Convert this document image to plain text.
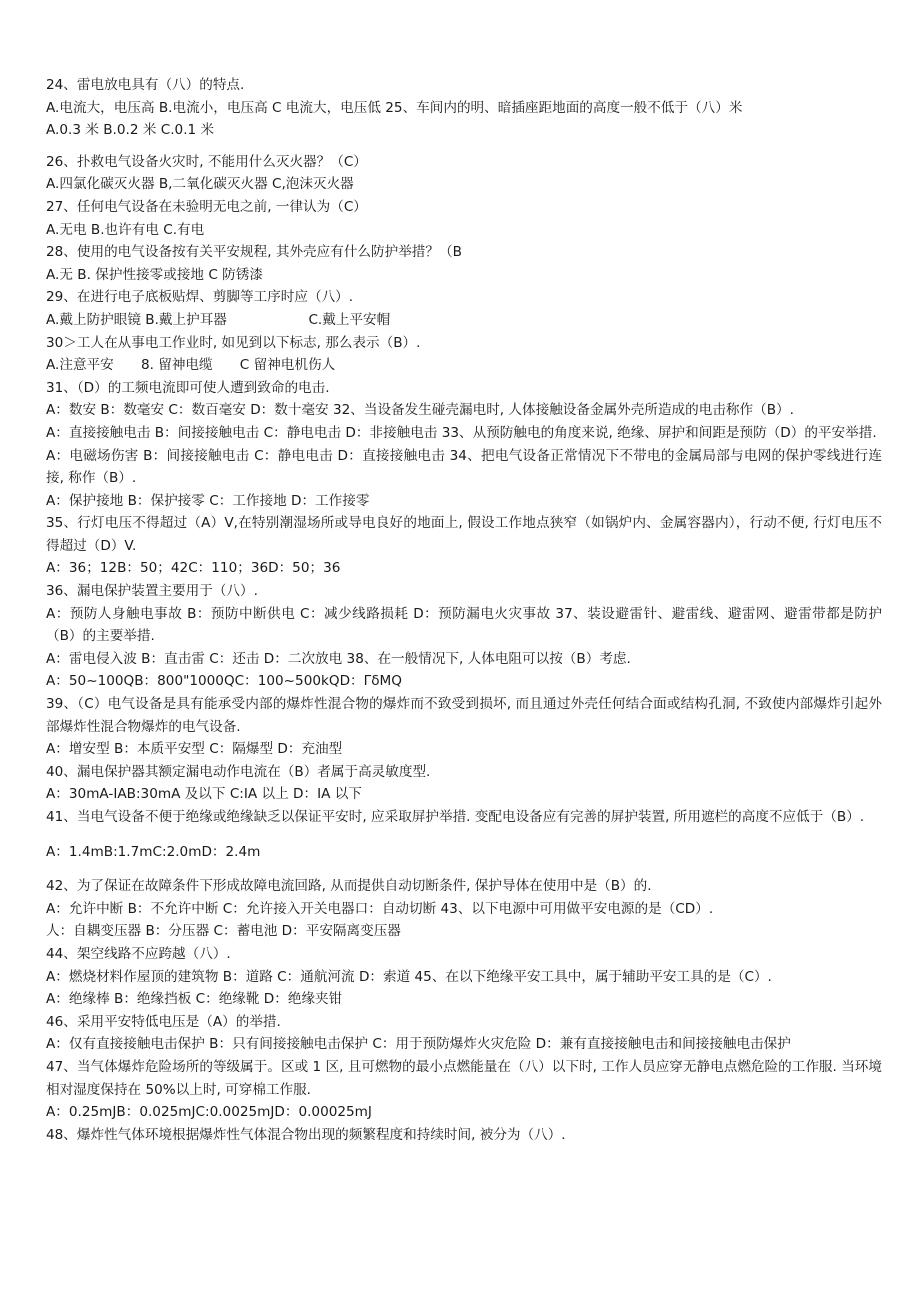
24、雷电放电具有（八）的特点.
A.电流大，电压高 B.电流小，电压高 C 电流大，电压低 25、车间内的明、暗插座距地面的高度一般不低于（八）米
A.0.3 米 B.0.2 米 C.0.1 米
26、扑救电气设备火灾时, 不能用什么灭火器？（C）
A.四氯化碳灭火器 B,二氧化碳灭火器 C,泡沫灭火器
27、任何电气设备在未验明无电之前, 一律认为（C）
A.无电 B.也许有电 C.有电
28、使用的电气设备按有关平安规程, 其外壳应有什么防护举措？（B
A.无 B. 保护性接零或接地 C 防锈漆
29、在进行电子底板贴焊、剪脚等工序时应（八）.
A.戴上防护眼镜 B.戴上护耳器　　　　　　C.戴上平安帽
30＞工人在从事电工作业时, 如见到以下标志, 那么表示（B）.
A.注意平安　　8. 留神电缆　　C 留神电机伤人
31、（D）的工频电流即可使人遭到致命的电击.
A：数安 B：数毫安 C：数百毫安 D：数十毫安 32、当设备发生碰壳漏电时, 人体接触设备金属外壳所造成的电击称作（B）.
A：直接接触电击 B：间接接触电击 C：静电电击 D：非接触电击 33、从预防触电的角度来说, 绝缘、屏护和间距是预防（D）的平安举措.
A：电磁场伤害 B：间接接触电击 C：静电电击 D：直接接触电击 34、把电气设备正常情况下不带电的金属局部与电网的保护零线进行连接, 称作（B）.
A：保护接地 B：保护接零 C：工作接地 D：工作接零
35、行灯电压不得超过（A）V,在特别潮湿场所或导电良好的地面上, 假设工作地点狭窄（如锅炉内、金属容器内），行动不便, 行灯电压不得超过（D）V.
A：36；12B：50；42C：110；36D：50；36
36、漏电保护装置主要用于（八）.
A：预防人身触电事故 B：预防中断供电 C：减少线路损耗 D：预防漏电火灾事故 37、装设避雷针、避雷线、避雷网、避雷带都是防护（B）的主要举措.
A：雷电侵入波 B：直击雷 C：还击 D：二次放电 38、在一般情况下, 人体电阻可以按（B）考虑.
A：50~100QB：800"1000QC：100~500kQD：ΓδMQ
39、（C）电气设备是具有能承受内部的爆炸性混合物的爆炸而不致受到损坏, 而且通过外壳任何结合面或结构孔洞, 不致使内部爆炸引起外部爆炸性混合物爆炸的电气设备.
A：增安型 B：本质平安型 C：隔爆型 D：充油型
40、漏电保护器其额定漏电动作电流在（B）者属于高灵敏度型.
A：30mA-IAB:30mA 及以下 C:IA 以上 D：IA 以下
41、当电气设备不便于绝缘或绝缘缺乏以保证平安时, 应采取屏护举措. 变配电设备应有完善的屏护装置, 所用遮栏的高度不应低于（B）.
A：1.4mB:1.7mC:2.0mD：2.4m
42、为了保证在故障条件下形成故障电流回路, 从而提供自动切断条件, 保护导体在使用中是（B）的.
A：允许中断 B：不允许中断 C：允许接入开关电器口：自动切断 43、以下电源中可用做平安电源的是（CD）.
人：自耦变压器 B：分压器 C：蓄电池 D：平安隔离变压器
44、架空线路不应跨越（八）.
A：燃烧材料作屋顶的建筑物 B：道路 C：通航河流 D：索道 45、在以下绝缘平安工具中，属于辅助平安工具的是（C）.
A：绝缘棒 B：绝缘挡板 C：绝缘靴 D：绝缘夹钳
46、采用平安特低电压是（A）的举措.
A：仅有直接接触电击保护 B：只有间接接触电击保护 C：用于预防爆炸火灾危险 D：兼有直接接触电击和间接接触电击保护
47、当气体爆炸危险场所的等级属于。区或 1 区, 且可燃物的最小点燃能量在（八）以下时, 工作人员应穿无静电点燃危险的工作服. 当环境相对湿度保持在 50%以上时, 可穿棉工作服.
A：0.25mJB：0.025mJC:0.0025mJD：0.00025mJ
48、爆炸性气体环境根据爆炸性气体混合物出现的频繁程度和持续时间, 被分为（八）.
